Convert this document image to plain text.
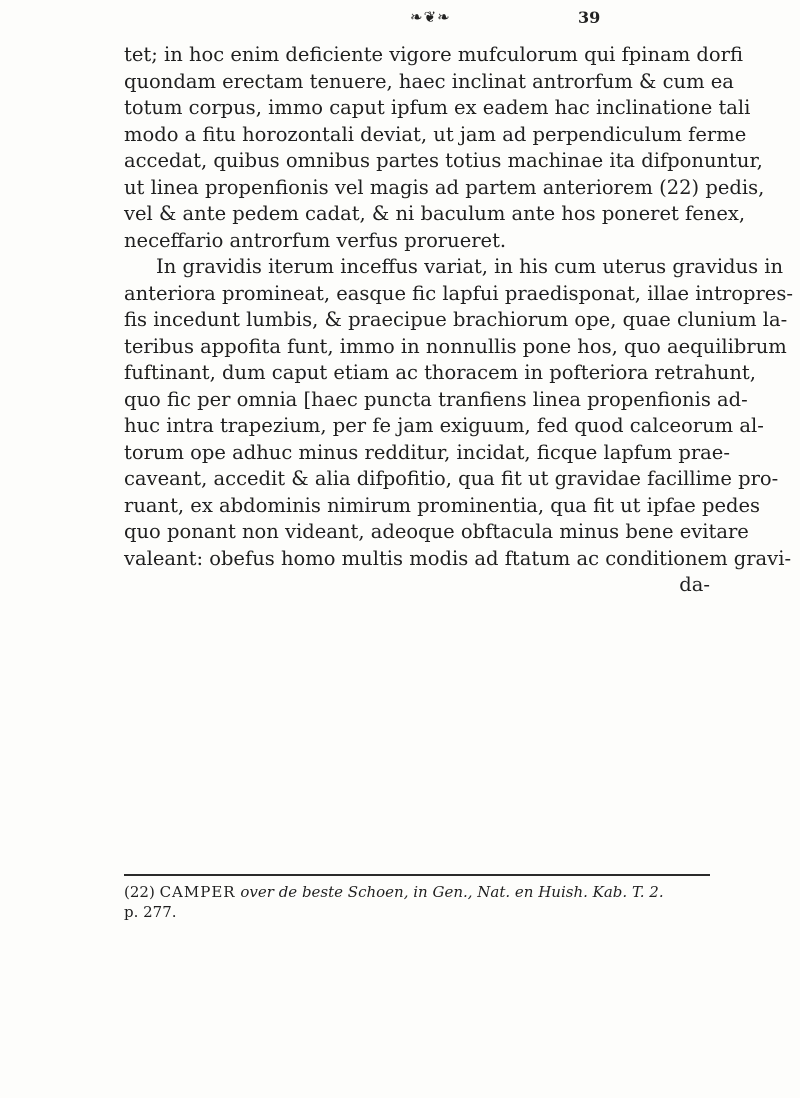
❧❦❧	39
tet; in hoc enim deficiente vigore mufculorum qui fpinam dorfi
quondam erectam tenuere, haec inclinat antrorfum & cum ea
totum corpus, immo caput ipfum ex eadem hac inclinatione tali
modo a fitu horozontali deviat, ut jam ad perpendiculum ferme
accedat, quibus omnibus partes totius machinae ita difponuntur,
ut linea propenfionis vel magis ad partem anteriorem (22) pedis,
vel & ante pedem cadat, & ni baculum ante hos poneret fenex,
neceffario antrorfum verfus prorueret.
In gravidis iterum inceffus variat, in his cum uterus gravidus in
anteriora promineat, easque fic lapfui praedisponat, illae intropres-
fis incedunt lumbis, & praecipue brachiorum ope, quae clunium la-
teribus appofita funt, immo in nonnullis pone hos, quo aequilibrum
fuftinant, dum caput etiam ac thoracem in pofteriora retrahunt,
quo fic per omnia [haec puncta tranfiens linea propenfionis ad-
huc intra trapezium, per fe jam exiguum, fed quod calceorum al-
torum ope adhuc minus redditur, incidat, ficque lapfum prae-
caveant, accedit & alia difpofitio, qua fit ut gravidae facillime pro-
ruant, ex abdominis nimirum prominentia, qua fit ut ipfae pedes
quo ponant non videant, adeoque obftacula minus bene evitare
valeant: obefus homo multis modis ad ftatum ac conditionem gravi-
da-
(22) CAMPER over de beste Schoen, in Gen., Nat. en Huish. Kab. T. 2.
p. 277.
